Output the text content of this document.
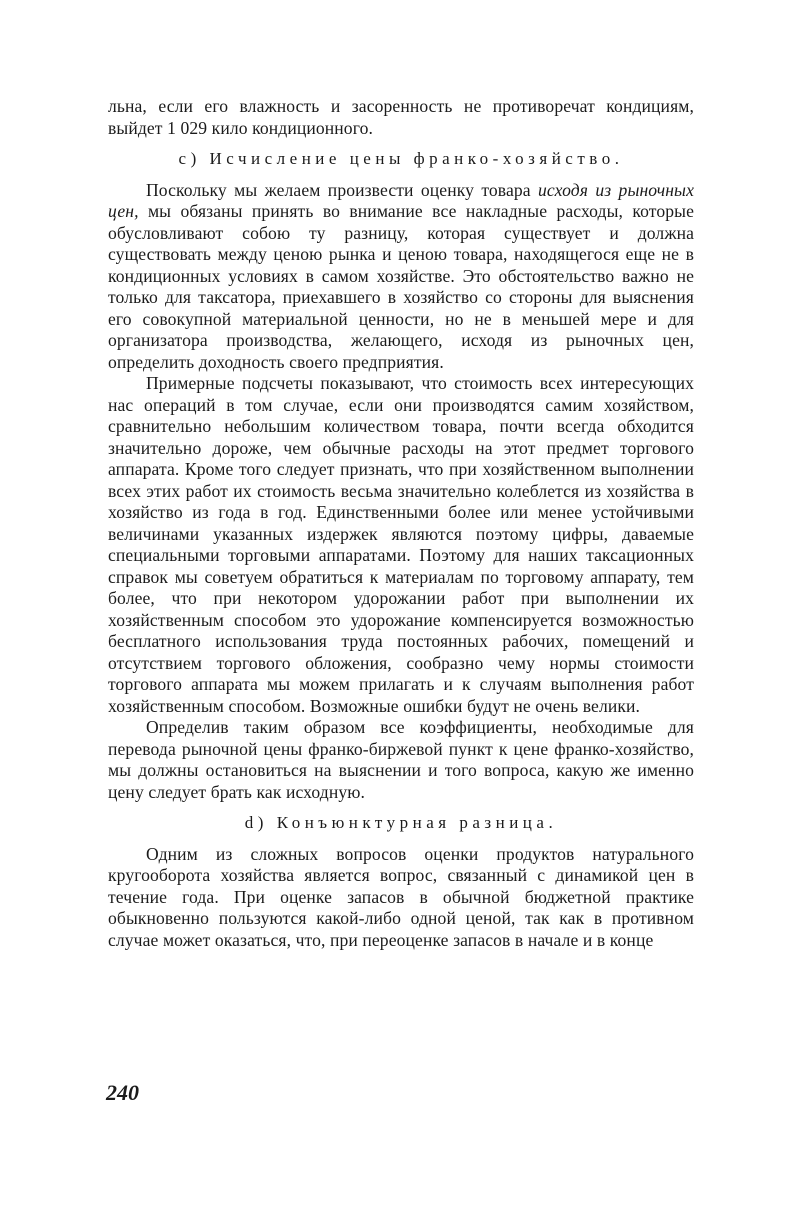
льна, если его влажность и засоренность не противоречат кондициям, выйдет 1 029 кило кондиционного.

с) Исчисление цены франко-хозяйство.

Поскольку мы желаем произвести оценку товара исходя из рыночных цен, мы обязаны принять во внимание все накладные расходы, которые обусловливают собою ту разницу, которая существует и должна существовать между ценою рынка и ценою товара, находящегося еще не в кондиционных условиях в самом хозяйстве. Это обстоятельство важно не только для таксатора, приехавшего в хозяйство со стороны для выяснения его совокупной материальной ценности, но не в меньшей мере и для организатора производства, желающего, исходя из рыночных цен, определить доходность своего предприятия.

Примерные подсчеты показывают, что стоимость всех интересующих нас операций в том случае, если они производятся самим хозяйством, сравнительно небольшим количеством товара, почти всегда обходится значительно дороже, чем обычные расходы на этот предмет торгового аппарата. Кроме того следует признать, что при хозяйственном выполнении всех этих работ их стоимость весьма значительно колеблется из хозяйства в хозяйство из года в год. Единственными более или менее устойчивыми величинами указанных издержек являются поэтому цифры, даваемые специальными торговыми аппаратами. Поэтому для наших таксационных справок мы советуем обратиться к материалам по торговому аппарату, тем более, что при некотором удорожании работ при выполнении их хозяйственным способом это удорожание компенсируется возможностью бесплатного использования труда постоянных рабочих, помещений и отсутствием торгового обложения, сообразно чему нормы стоимости торгового аппарата мы можем прилагать и к случаям выполнения работ хозяйственным способом. Возможные ошибки будут не очень велики.

Определив таким образом все коэффициенты, необходимые для перевода рыночной цены франко-биржевой пункт к цене франко-хозяйство, мы должны остановиться на выяснении и того вопроса, какую же именно цену следует брать как исходную.

d) Конъюнктурная разница.

Одним из сложных вопросов оценки продуктов натурального кругооборота хозяйства является вопрос, связанный с динамикой цен в течение года. При оценке запасов в обычной бюджетной практике обыкновенно пользуются какой-либо одной ценой, так как в противном случае может оказаться, что, при переоценке запасов в начале и в конце

240
